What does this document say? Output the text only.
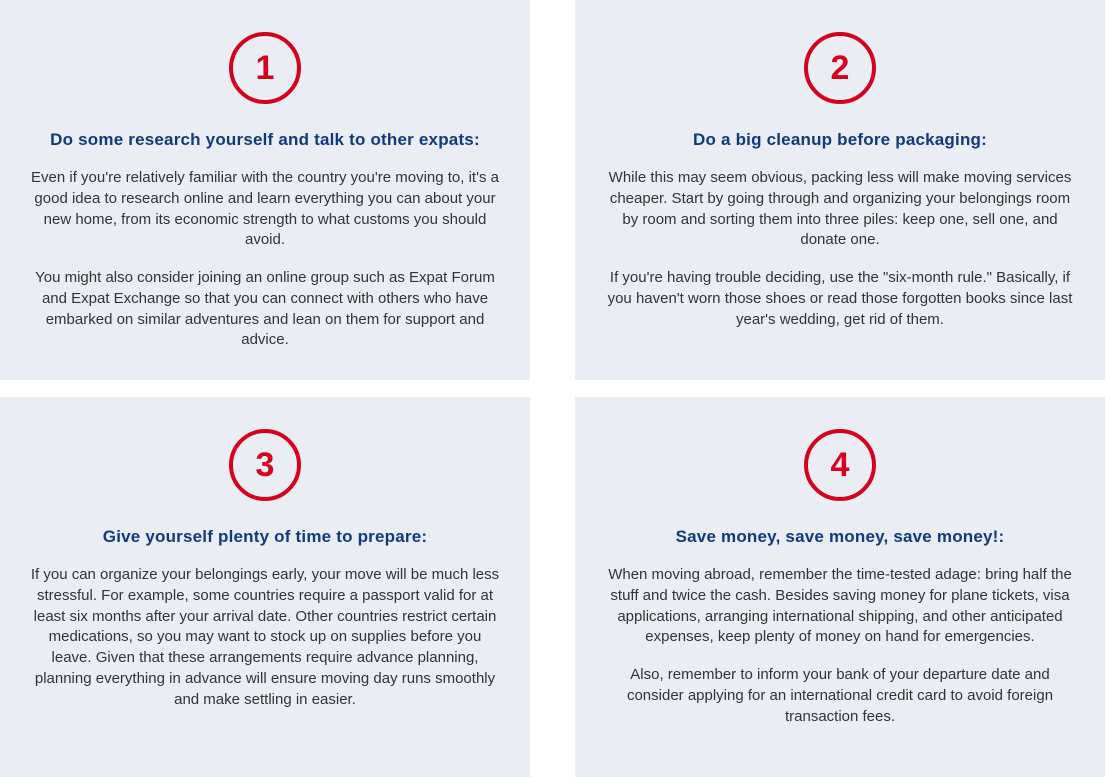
1
Do some research yourself and talk to other expats:

Even if you're relatively familiar with the country you're moving to, it's a good idea to research online and learn everything you can about your new home, from its economic strength to what customs you should avoid.

You might also consider joining an online group such as Expat Forum and Expat Exchange so that you can connect with others who have embarked on similar adventures and lean on them for support and advice.

2
Do a big cleanup before packaging:

While this may seem obvious, packing less will make moving services cheaper. Start by going through and organizing your belongings room by room and sorting them into three piles: keep one, sell one, and donate one.

If you're having trouble deciding, use the "six-month rule." Basically, if you haven't worn those shoes or read those forgotten books since last year's wedding, get rid of them.

3
Give yourself plenty of time to prepare:

If you can organize your belongings early, your move will be much less stressful. For example, some countries require a passport valid for at least six months after your arrival date. Other countries restrict certain medications, so you may want to stock up on supplies before you leave. Given that these arrangements require advance planning, planning everything in advance will ensure moving day runs smoothly and make settling in easier.

4
Save money, save money, save money!:

When moving abroad, remember the time-tested adage: bring half the stuff and twice the cash. Besides saving money for plane tickets, visa applications, arranging international shipping, and other anticipated expenses, keep plenty of money on hand for emergencies.

Also, remember to inform your bank of your departure date and consider applying for an international credit card to avoid foreign transaction fees.
